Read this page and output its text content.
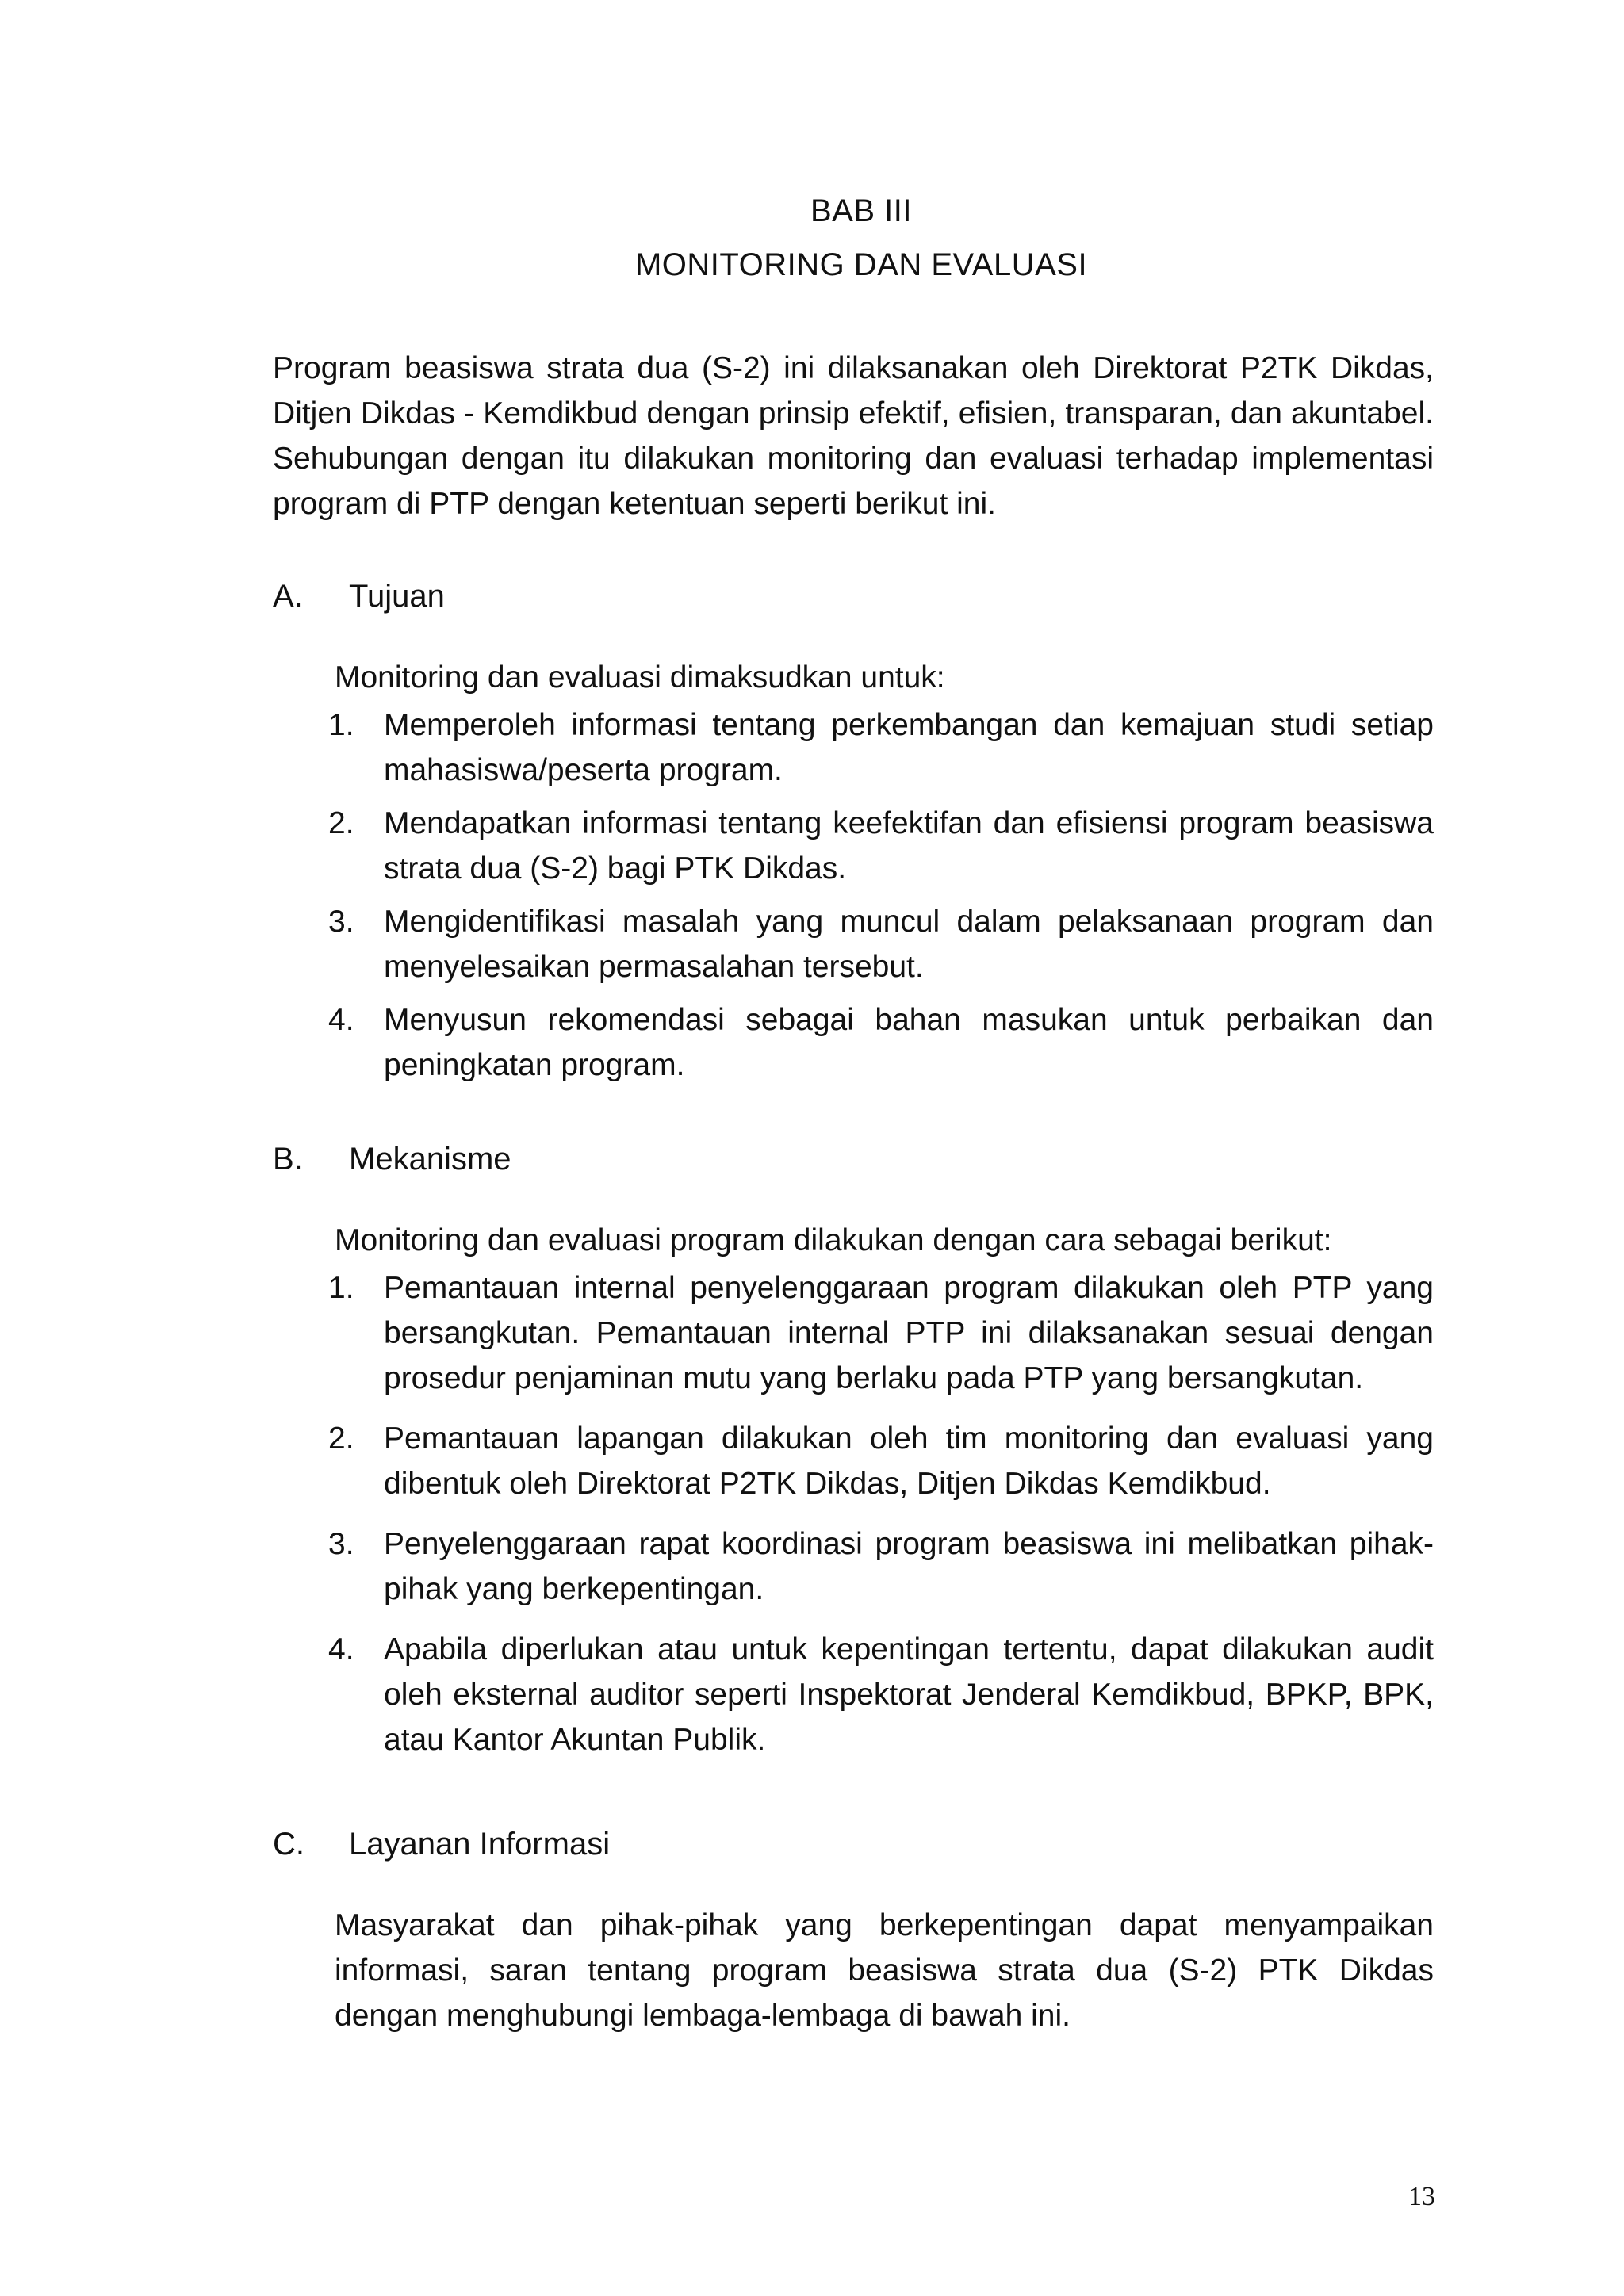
BAB III
MONITORING DAN EVALUASI

Program beasiswa strata dua (S-2) ini dilaksanakan oleh Direktorat P2TK Dikdas, Ditjen Dikdas - Kemdikbud dengan prinsip efektif, efisien, transparan, dan akuntabel. Sehubungan dengan itu dilakukan monitoring dan evaluasi terhadap implementasi program di PTP dengan ketentuan seperti berikut ini.

A.	Tujuan

Monitoring dan evaluasi dimaksudkan untuk:

1. Memperoleh informasi tentang perkembangan dan kemajuan studi setiap mahasiswa/peserta program.
2. Mendapatkan informasi tentang keefektifan dan efisiensi program beasiswa strata dua (S-2) bagi PTK Dikdas.
3. Mengidentifikasi masalah yang muncul dalam pelaksanaan program dan menyelesaikan permasalahan tersebut.
4. Menyusun rekomendasi sebagai bahan masukan untuk perbaikan dan peningkatan program.
B.	Mekanisme

Monitoring dan evaluasi program dilakukan dengan cara sebagai berikut:

1. Pemantauan internal penyelenggaraan program dilakukan oleh PTP yang bersangkutan. Pemantauan internal PTP ini dilaksanakan sesuai dengan prosedur penjaminan mutu yang berlaku pada PTP yang bersangkutan.
2. Pemantauan lapangan dilakukan oleh tim monitoring dan evaluasi yang dibentuk oleh Direktorat P2TK Dikdas, Ditjen Dikdas Kemdikbud.
3. Penyelenggaraan rapat koordinasi program beasiswa ini melibatkan pihak-pihak yang berkepentingan.
4. Apabila diperlukan atau untuk kepentingan tertentu, dapat dilakukan audit oleh eksternal auditor seperti Inspektorat Jenderal Kemdikbud, BPKP, BPK, atau Kantor Akuntan Publik.
C.	Layanan Informasi

Masyarakat dan pihak-pihak yang berkepentingan dapat menyampaikan informasi, saran tentang program beasiswa strata dua (S-2) PTK Dikdas dengan menghubungi lembaga-lembaga di bawah ini.

13
